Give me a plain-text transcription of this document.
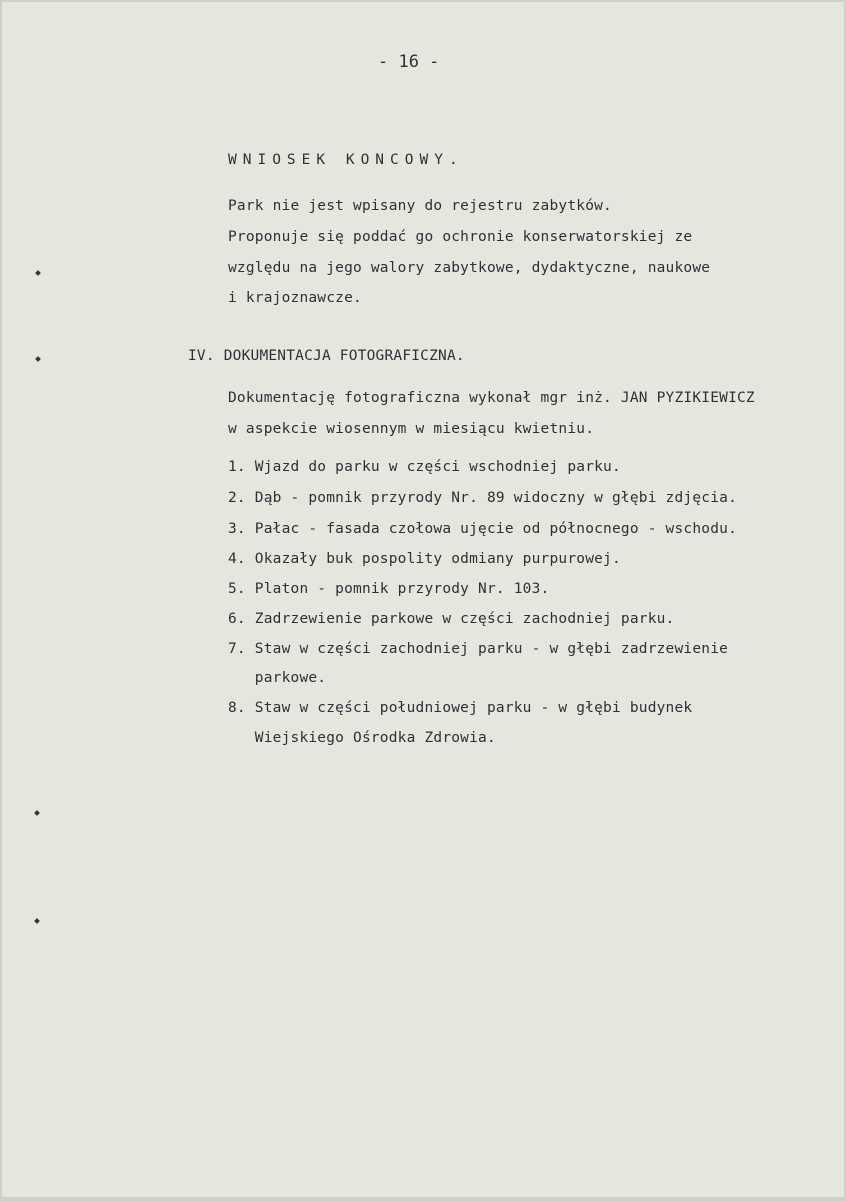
- 16 -
WNIOSEK KONCOWY.
Park nie jest wpisany do rejestru zabytków.
Proponuje się poddać go ochronie konserwatorskiej ze
względu na jego walory zabytkowe, dydaktyczne, naukowe
i krajoznawcze.
IV. DOKUMENTACJA FOTOGRAFICZNA.
Dokumentację fotograficzna wykonał mgr inż. JAN PYZIKIEWICZ
w aspekcie wiosennym w miesiącu kwietniu.
1. Wjazd do parku w części wschodniej parku.
2. Dąb - pomnik przyrody Nr. 89 widoczny w głębi zdjęcia.
3. Pałac - fasada czołowa ujęcie od północnego - wschodu.
4. Okazały buk pospolity odmiany purpurowej.
5. Platon - pomnik przyrody Nr. 103.
6. Zadrzewienie parkowe w części zachodniej parku.
7. Staw w części zachodniej parku - w głębi zadrzewienie
parkowe.
8. Staw w części południowej parku - w głębi budynek
Wiejskiego Ośrodka Zdrowia.
